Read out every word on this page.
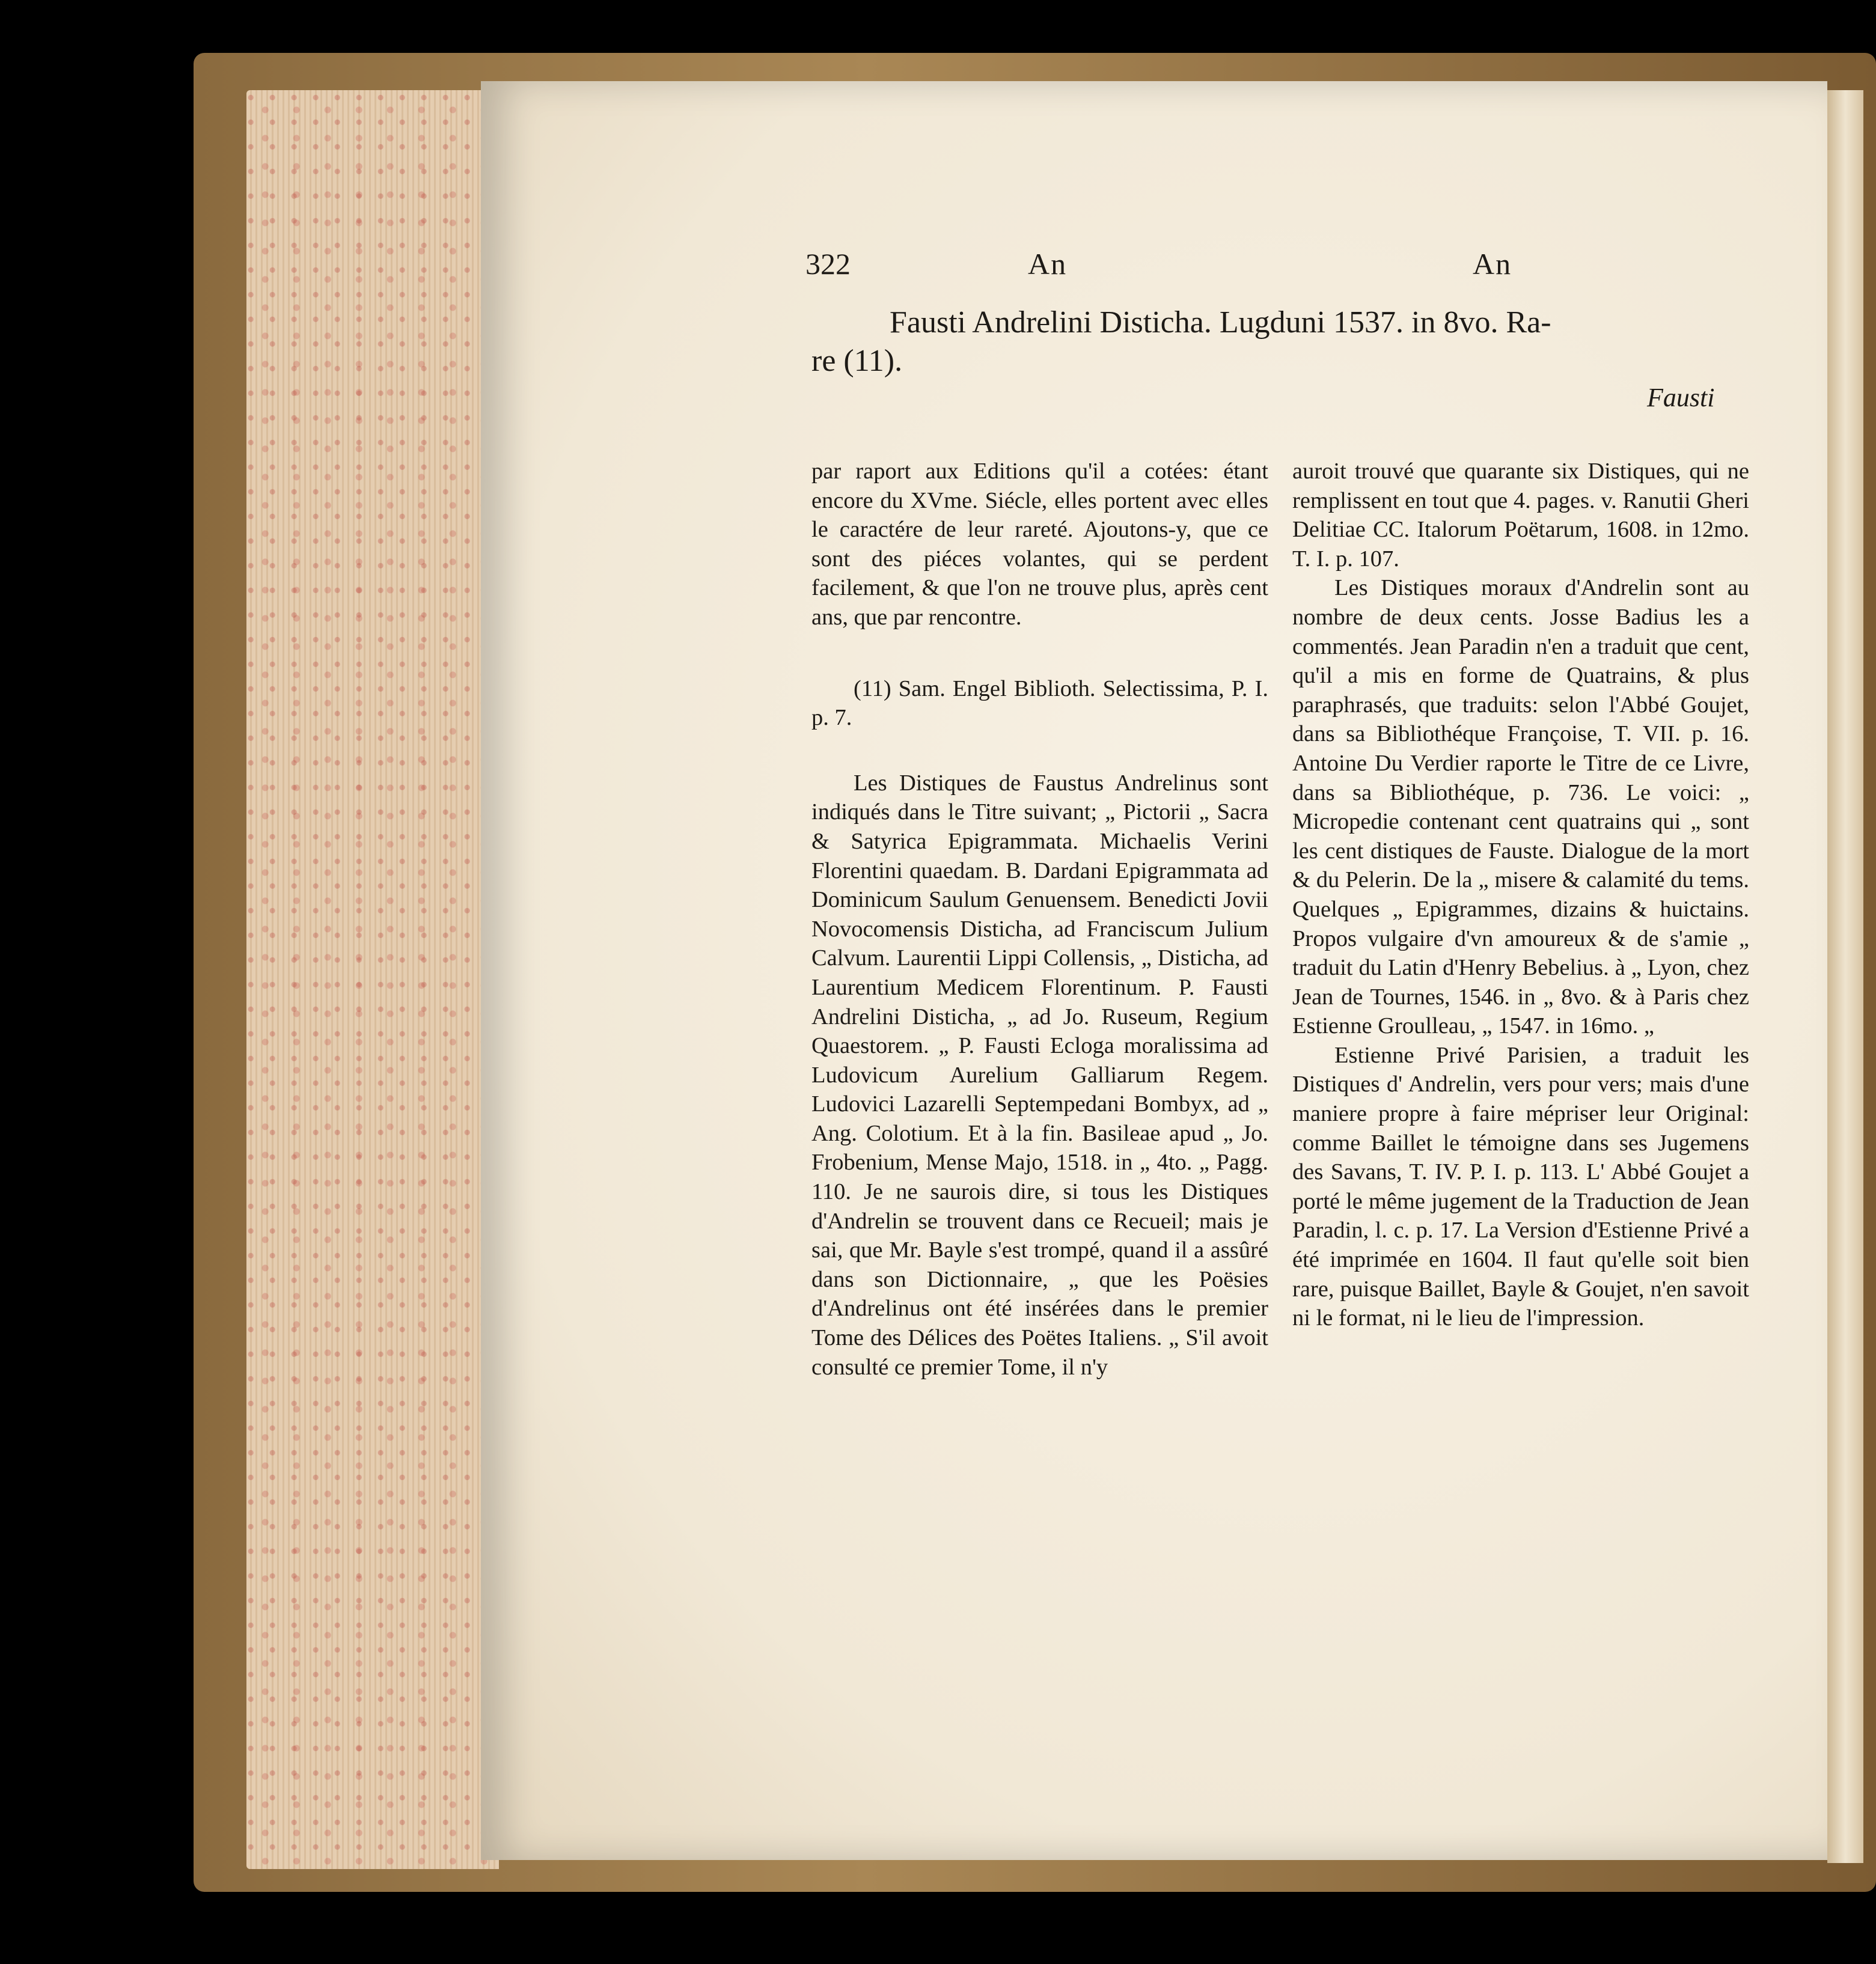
322	An	An
Fausti Andrelini Disticha. Lugduni 1537. in 8vo. Ra-
re (11).
Fausti

par raport aux Editions qu'il a cotées: étant encore du XVme. Siécle, elles portent avec elles le caractére de leur rareté. Ajoutons-y, que ce sont des piéces volantes, qui se perdent facilement, & que l'on ne trouve plus, après cent ans, que par rencontre.

(11) Sam. Engel Biblioth. Selectissima, P. I. p. 7.

Les Distiques de Faustus Andrelinus sont indiqués dans le Titre suivant; „ Pictorii „ Sacra & Satyrica Epigrammata. Michaelis Verini Florentini quaedam. B. Dardani Epigrammata ad Dominicum Saulum Genuensem. Benedicti Jovii Novocomensis Disticha, ad Franciscum Julium Calvum. Laurentii Lippi Collensis, „ Disticha, ad Laurentium Medicem Florentinum. P. Fausti Andrelini Disticha, „ ad Jo. Ruseum, Regium Quaestorem. „ P. Fausti Ecloga moralissima ad Ludovicum Aurelium Galliarum Regem. Ludovici Lazarelli Septempedani Bombyx, ad „ Ang. Colotium. Et à la fin. Basileae apud „ Jo. Frobenium, Mense Majo, 1518. in „ 4to. „ Pagg. 110. Je ne saurois dire, si tous les Distiques d'Andrelin se trouvent dans ce Recueil; mais je sai, que Mr. Bayle s'est trompé, quand il a assûré dans son Dictionnaire, „ que les Poësies d'Andrelinus ont été insérées dans le premier Tome des Délices des Poëtes Italiens. „ S'il avoit consulté ce premier Tome, il n'y

auroit trouvé que quarante six Distiques, qui ne remplissent en tout que 4. pages. v. Ranutii Gheri Delitiae CC. Italorum Poëtarum, 1608. in 12mo. T. I. p. 107.

Les Distiques moraux d'Andrelin sont au nombre de deux cents. Josse Badius les a commentés. Jean Paradin n'en a traduit que cent, qu'il a mis en forme de Quatrains, & plus paraphrasés, que traduits: selon l'Abbé Goujet, dans sa Bibliothéque Françoise, T. VII. p. 16. Antoine Du Verdier raporte le Titre de ce Livre, dans sa Bibliothéque, p. 736. Le voici: „ Micropedie contenant cent quatrains qui „ sont les cent distiques de Fauste. Dialogue de la mort & du Pelerin. De la „ misere & calamité du tems. Quelques „ Epigrammes, dizains & huictains. Propos vulgaire d'vn amoureux & de s'amie „ traduit du Latin d'Henry Bebelius. à „ Lyon, chez Jean de Tournes, 1546. in „ 8vo. & à Paris chez Estienne Groulleau, „ 1547. in 16mo. „

Estienne Privé Parisien, a traduit les Distiques d' Andrelin, vers pour vers; mais d'une maniere propre à faire mépriser leur Original: comme Baillet le témoigne dans ses Jugemens des Savans, T. IV. P. I. p. 113. L' Abbé Goujet a porté le même jugement de la Traduction de Jean Paradin, l. c. p. 17. La Version d'Estienne Privé a été imprimée en 1604. Il faut qu'elle soit bien rare, puisque Baillet, Bayle & Goujet, n'en savoit ni le format, ni le lieu de l'impression.
